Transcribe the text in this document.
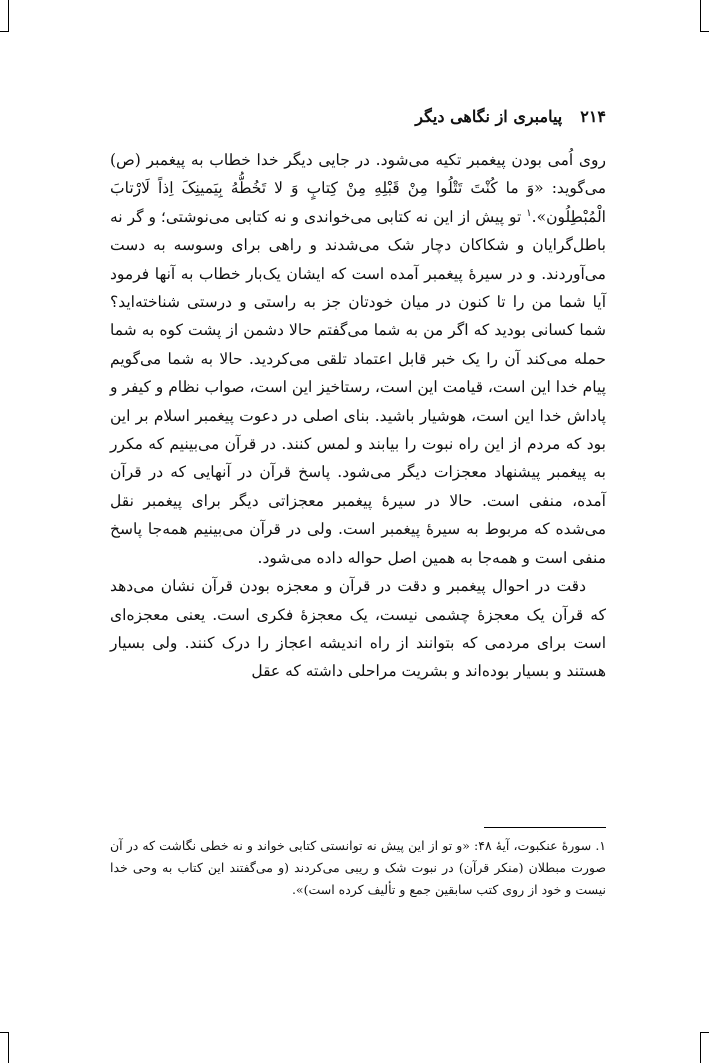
۲۱۴
پیامبری از نگاهی دیگر

روی اُمی بودن پیغمبر تکیه می‌شود. در جایی دیگر خدا خطاب به پیغمبر (ص) می‌گوید: «وَ ما کُنْتَ تَتْلُوا مِنْ قَبْلِهِ مِنْ کِتابٍ وَ لا تَخُطُّهُ بِیَمینِکَ اِذاً لَارْتابَ الْمُبْطِلُون».$^۱$ تو پیش از این نه کتابی می‌خواندی و نه کتابی می‌نوشتی؛ و گر نه باطل‌گرایان و شکاکان دچار شک می‌شدند و راهی برای وسوسه به دست می‌آوردند. و در سیرهٔ پیغمبر آمده است که ایشان یک‌بار خطاب به آنها فرمود آیا شما من را تا کنون در میان خودتان جز به راستی و درستی شناخته‌اید؟ شما کسانی بودید که اگر من به شما می‌گفتم حالا دشمن از پشت کوه به شما حمله می‌کند آن را یک خبر قابل اعتماد تلقی می‌کردید. حالا به شما می‌گویم پیام خدا این است، قیامت این است، رستاخیز این است، صواب نظام و کیفر و پاداش خدا این است، هوشیار باشید. بنای اصلی در دعوت پیغمبر اسلام بر این بود که مردم از این راه نبوت را بیابند و لمس کنند. در قرآن می‌بینیم که مکرر به پیغمبر پیشنهاد معجزات دیگر می‌شود. پاسخ قرآن در آنهایی که در قرآن آمده، منفی است. حالا در سیرهٔ پیغمبر معجزاتی دیگر برای پیغمبر نقل می‌شده که مربوط به سیرهٔ پیغمبر است. ولی در قرآن می‌بینیم همه‌جا پاسخ منفی است و همه‌جا به همین اصل حواله داده می‌شود.

دقت در احوال پیغمبر و دقت در قرآن و معجزه بودن قرآن نشان می‌دهد که قرآن یک معجزهٔ چشمی نیست، یک معجزهٔ فکری است. یعنی معجزه‌ای است برای مردمی که بتوانند از راه اندیشه اعجاز را درک کنند. ولی بسیار هستند و بسیار بوده‌اند و بشریت مراحلی داشته که عقل

۱. سورهٔ عنکبوت، آیهٔ ۴۸: «و تو از این پیش نه توانستی کتابی خواند و نه خطی نگاشت که در آن صورت مبطلان (منکر قرآن) در نبوت شک و ریبی می‌کردند (و می‌گفتند این کتاب به وحی خدا نیست و خود از روی کتب سابقین جمع و تألیف کرده است)».
